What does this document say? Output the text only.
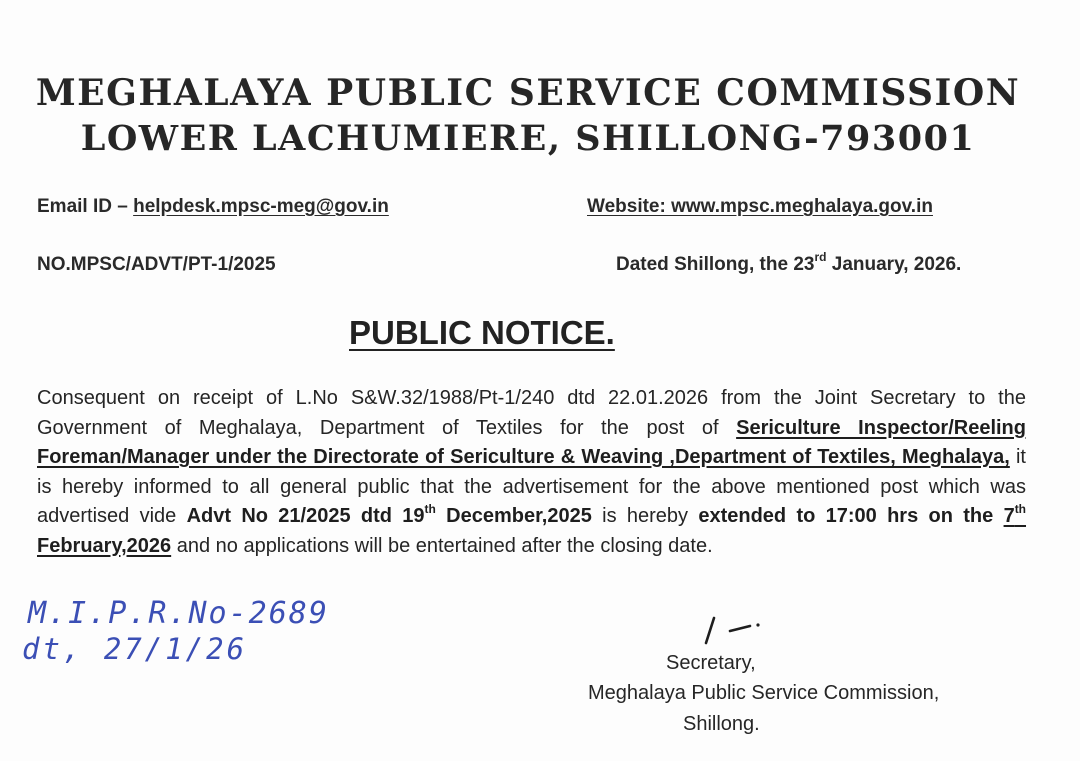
MEGHALAYA PUBLIC SERVICE COMMISSION
LOWER LACHUMIERE, SHILLONG-793001
Email ID – helpdesk.mpsc-meg@gov.in	Website: www.mpsc.meghalaya.gov.in
NO.MPSC/ADVT/PT-1/2025	Dated Shillong, the 23rd January, 2026.
PUBLIC NOTICE.
Consequent on receipt of L.No S&W.32/1988/Pt-1/240 dtd 22.01.2026 from the Joint Secretary to the Government of Meghalaya, Department of Textiles for the post of Sericulture Inspector/Reeling Foreman/Manager under the Directorate of Sericulture & Weaving ,Department of Textiles, Meghalaya, it is hereby informed to all general public that the advertisement for the above mentioned post which was advertised vide Advt No 21/2025 dtd 19th December,2025 is hereby extended to 17:00 hrs on the 7th February,2026 and no applications will be entertained after the closing date.
M.I.P.R.No-2689
dt, 27/1/26	Secretary,
Meghalaya Public Service Commission,
Shillong.
